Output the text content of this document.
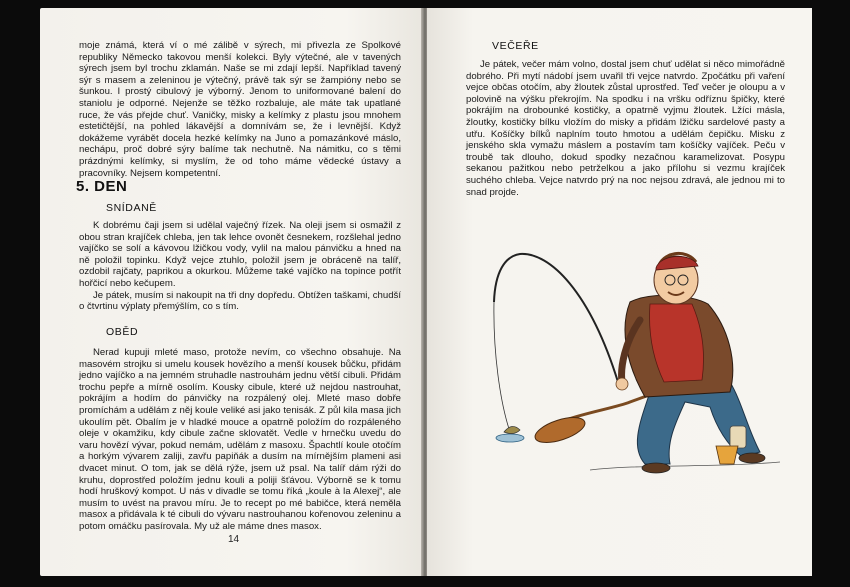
moje známá, která ví o mé zálibě v sýrech, mi přivezla ze Spolkové republiky Německo takovou menší kolekci. Byly výtečné, ale v tavených sýrech jsem byl trochu zklamán. Naše se mi zdají lepší. Například tavený sýr s masem a zeleninou je výtečný, právě tak sýr se žampióny nebo se šunkou. I prostý cibulový je výborný. Jenom to uniformované balení do staniolu je odporné. Nejenže se těžko rozbaluje, ale máte tak upatlané ruce, že vás přejde chuť. Vaničky, misky a kelímky z plastu jsou mnohem estetičtější, na pohled lákavější a domnívám se, že i levnější. Když dokážeme vyrábět docela hezké kelímky na Juno a pomazánkové máslo, nechápu, proč dobré sýry balíme tak nechutně. Na námitku, co s těmi prázdnými kelímky, si myslím, že od toho máme vědecké ústavy a pracovníky. Nejsem kompetentní.

5. DEN
SNÍDANĚ

K dobrému čaji jsem si udělal vaječný řízek. Na oleji jsem si osmažil z obou stran krajíček chleba, jen tak lehce ovonět česnekem, rozšlehal jedno vajíčko se solí a kávovou lžičkou vody, vylil na malou pánvičku a hned na ně položil topinku. Když vejce ztuhlo, položil jsem je obráceně na talíř, ozdobil rajčaty, paprikou a okurkou. Můžeme také vajíčko na topince potřít hořčicí nebo kečupem.

Je pátek, musím si nakoupit na tři dny dopředu. Obtížen taškami, chudší o čtvrtinu výplaty přemýšlím, co s tím.

OBĚD

Nerad kupuji mleté maso, protože nevím, co všechno obsahuje. Na masovém strojku si umelu kousek hovězího a menší kousek bůčku, přidám jedno vajíčko a na jemném struhadle nastrouhám jednu větší cibuli. Přidám trochu pepře a mírně osolím. Kousky cibule, které už nejdou nastrouhat, pokrájím a hodím do pánvičky na rozpálený olej. Mleté maso dobře promíchám a udělám z něj koule veliké asi jako tenisák. Z půl kila masa jich ukoulím pět. Obalím je v hladké mouce a opatrně položím do rozpáleného oleje v okamžiku, kdy cibule začne sklovatět. Vedle v hrnečku uvedu do varu hovězí vývar, pokud nemám, udělám z masoxu. Špachtlí koule otočím a horkým vývarem zaliji, zavřu papiňák a dusím na mírnějším plameni asi dvacet minut. O tom, jak se dělá rýže, jsem už psal. Na talíř dám rýži do kruhu, doprostřed položím jednu kouli a poliji šťávou. Výborně se k tomu hodí hruškový kompot. U nás v divadle se tomu říká „koule à la Alexej“, ale musím to uvést na pravou míru. Je to recept po mé babičce, která neměla masox a přidávala k té cibuli do vývaru nastrouhanou kořenovou zeleninu a potom omáčku pasírovala. My už ale máme dnes masox.

14
VEČEŘE

Je pátek, večer mám volno, dostal jsem chuť udělat si něco mimořádně dobrého. Při mytí nádobí jsem uvařil tři vejce natvrdo. Zpočátku při vaření vejce občas otočím, aby žloutek zůstal uprostřed. Teď večer je oloupu a v polovině na výšku překrojím. Na spodku i na vršku odříznu špičky, které pokrájím na drobounké kostičky, a opatrně vyjmu žloutek. Lžíci másla, žloutky, kostičky bílku vložím do misky a přidám lžičku sardelové pasty a utřu. Košíčky bílků naplním touto hmotou a udělám čepičku. Misku z jenského skla vymažu máslem a postavím tam košíčky vajíček. Peču v troubě tak dlouho, dokud spodky nezačnou karamelizovat. Posypu sekanou pažitkou nebo petrželkou a jako přílohu si vezmu krajíček suchého chleba. Vejce natvrdo prý na noc nejsou zdravá, ale jednou mi to snad projde.
